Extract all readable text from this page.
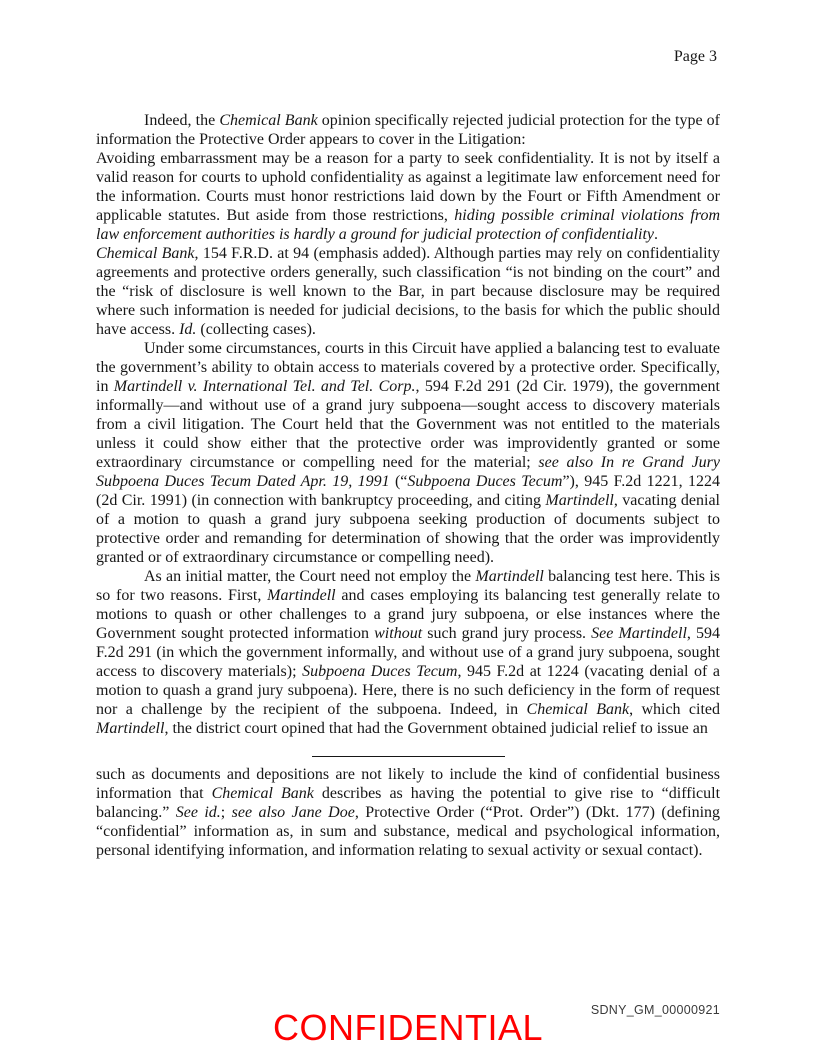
Page 3

Indeed, the Chemical Bank opinion specifically rejected judicial protection for the type of information the Protective Order appears to cover in the Litigation:

Avoiding embarrassment may be a reason for a party to seek confidentiality. It is not by itself a valid reason for courts to uphold confidentiality as against a legitimate law enforcement need for the information. Courts must honor restrictions laid down by the Fourt or Fifth Amendment or applicable statutes. But aside from those restrictions, hiding possible criminal violations from law enforcement authorities is hardly a ground for judicial protection of confidentiality.

Chemical Bank, 154 F.R.D. at 94 (emphasis added). Although parties may rely on confidentiality agreements and protective orders generally, such classification “is not binding on the court” and the “risk of disclosure is well known to the Bar, in part because disclosure may be required where such information is needed for judicial decisions, to the basis for which the public should have access. Id. (collecting cases).

Under some circumstances, courts in this Circuit have applied a balancing test to evaluate the government’s ability to obtain access to materials covered by a protective order. Specifically, in Martindell v. International Tel. and Tel. Corp., 594 F.2d 291 (2d Cir. 1979), the government informally—and without use of a grand jury subpoena—sought access to discovery materials from a civil litigation. The Court held that the Government was not entitled to the materials unless it could show either that the protective order was improvidently granted or some extraordinary circumstance or compelling need for the material; see also In re Grand Jury Subpoena Duces Tecum Dated Apr. 19, 1991 (“Subpoena Duces Tecum”), 945 F.2d 1221, 1224 (2d Cir. 1991) (in connection with bankruptcy proceeding, and citing Martindell, vacating denial of a motion to quash a grand jury subpoena seeking production of documents subject to protective order and remanding for determination of showing that the order was improvidently granted or of extraordinary circumstance or compelling need).

As an initial matter, the Court need not employ the Martindell balancing test here. This is so for two reasons. First, Martindell and cases employing its balancing test generally relate to motions to quash or other challenges to a grand jury subpoena, or else instances where the Government sought protected information without such grand jury process. See Martindell, 594 F.2d 291 (in which the government informally, and without use of a grand jury subpoena, sought access to discovery materials); Subpoena Duces Tecum, 945 F.2d at 1224 (vacating denial of a motion to quash a grand jury subpoena). Here, there is no such deficiency in the form of request nor a challenge by the recipient of the subpoena. Indeed, in Chemical Bank, which cited Martindell, the district court opined that had the Government obtained judicial relief to issue an

such as documents and depositions are not likely to include the kind of confidential business information that Chemical Bank describes as having the potential to give rise to “difficult balancing.” See id.; see also Jane Doe, Protective Order (“Prot. Order”) (Dkt. 177) (defining “confidential” information as, in sum and substance, medical and psychological information, personal identifying information, and information relating to sexual activity or sexual contact).

SDNY_GM_00000921
CONFIDENTIAL
